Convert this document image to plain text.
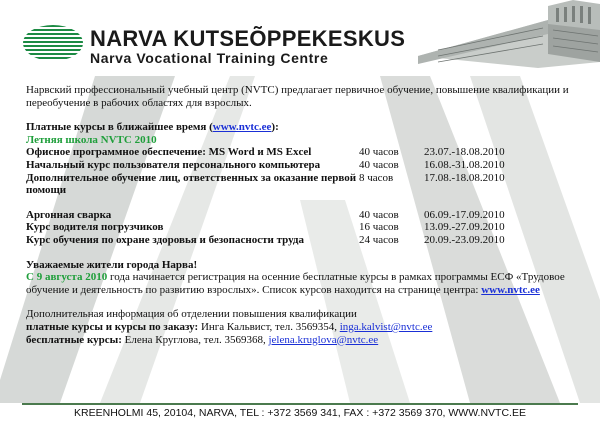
NARVA KUTSEÕPPEKESKUS
Narva Vocational Training Centre

Нарвский профессиональный учебный центр (NVTC) предлагает первичное обучение, повышение квалификации и переобучение в рабочих областях для взрослых.

Платные курсы в ближайшее время (www.nvtc.ee):

Летняя школа NVTC 2010

Офисное программное обеспечение: MS Word и MS Excel	40 часов	23.07.-18.08.2010
Начальный курс пользователя персонального компьютера	40 часов	16.08.-31.08.2010
Дополнительное обучение лиц, ответственных за оказание первой помощи	8 часов	17.08.-18.08.2010
Аргонная сварка	40 часов	06.09.-17.09.2010
Курс водителя погрузчиков	16 часов	13.09.-27.09.2010
Курс обучения по охране здоровья и безопасности труда	24 часов	20.09.-23.09.2010

Уважаемые жители города Нарва!

С 9 августа 2010 года начинается регистрация на осенние бесплатные курсы в рамках программы ЕСФ «Трудовое обучение и деятельность по развитию взрослых». Список курсов находится на странице центра: www.nvtc.ee

Дополнительная информация об отделении повышения квалификации

платные курсы и курсы по заказу: Инга Кальвист, тел. 3569354, inga.kalvist@nvtc.ee

бесплатные курсы: Елена Круглова, тел. 3569368, jelena.kruglova@nvtc.ee

KREENHOLMI 45, 20104, NARVA, TEL : +372 3569 341, FAX : +372 3569 370, WWW.NVTC.EE
